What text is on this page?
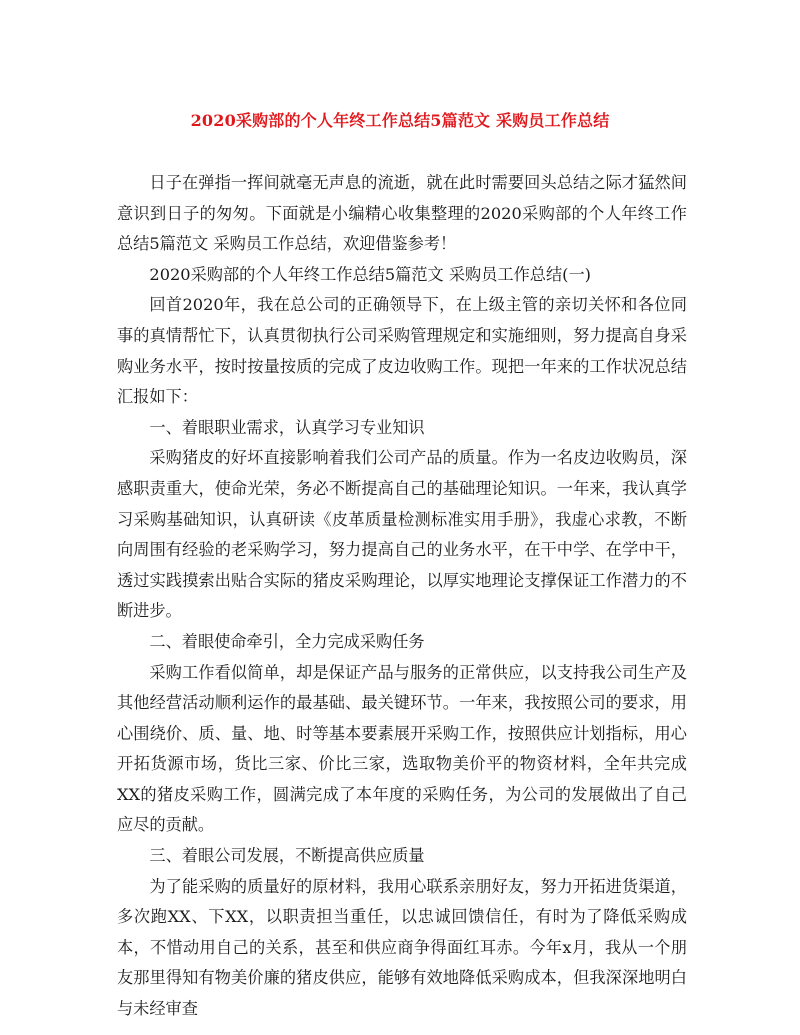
2020采购部的个人年终工作总结5篇范文 采购员工作总结

日子在弹指一挥间就毫无声息的流逝，就在此时需要回头总结之际才猛然间意识到日子的匆匆。下面就是小编精心收集整理的2020采购部的个人年终工作总结5篇范文 采购员工作总结，欢迎借鉴参考！

2020采购部的个人年终工作总结5篇范文 采购员工作总结(一)

回首2020年，我在总公司的正确领导下，在上级主管的亲切关怀和各位同事的真情帮忙下，认真贯彻执行公司采购管理规定和实施细则，努力提高自身采购业务水平，按时按量按质的完成了皮边收购工作。现把一年来的工作状况总结汇报如下：

一、着眼职业需求，认真学习专业知识

采购猪皮的好坏直接影响着我们公司产品的质量。作为一名皮边收购员，深感职责重大，使命光荣，务必不断提高自己的基础理论知识。一年来，我认真学习采购基础知识，认真研读《皮革质量检测标准实用手册》，我虚心求教，不断向周围有经验的老采购学习，努力提高自己的业务水平，在干中学、在学中干，透过实践摸索出贴合实际的猪皮采购理论，以厚实地理论支撑保证工作潜力的不断进步。

二、着眼使命牵引，全力完成采购任务

采购工作看似简单，却是保证产品与服务的正常供应，以支持我公司生产及其他经营活动顺利运作的最基础、最关键环节。一年来，我按照公司的要求，用心围绕价、质、量、地、时等基本要素展开采购工作，按照供应计划指标，用心开拓货源市场，货比三家、价比三家，选取物美价平的物资材料，全年共完成XX的猪皮采购工作，圆满完成了本年度的采购任务，为公司的发展做出了自己应尽的贡献。

三、着眼公司发展，不断提高供应质量

为了能采购的质量好的原材料，我用心联系亲朋好友，努力开拓进货渠道，多次跑XX、下XX，以职责担当重任，以忠诚回馈信任，有时为了降低采购成本，不惜动用自己的关系，甚至和供应商争得面红耳赤。今年x月，我从一个朋友那里得知有物美价廉的猪皮供应，能够有效地降低采购成本，但我深深地明白与未经审查
